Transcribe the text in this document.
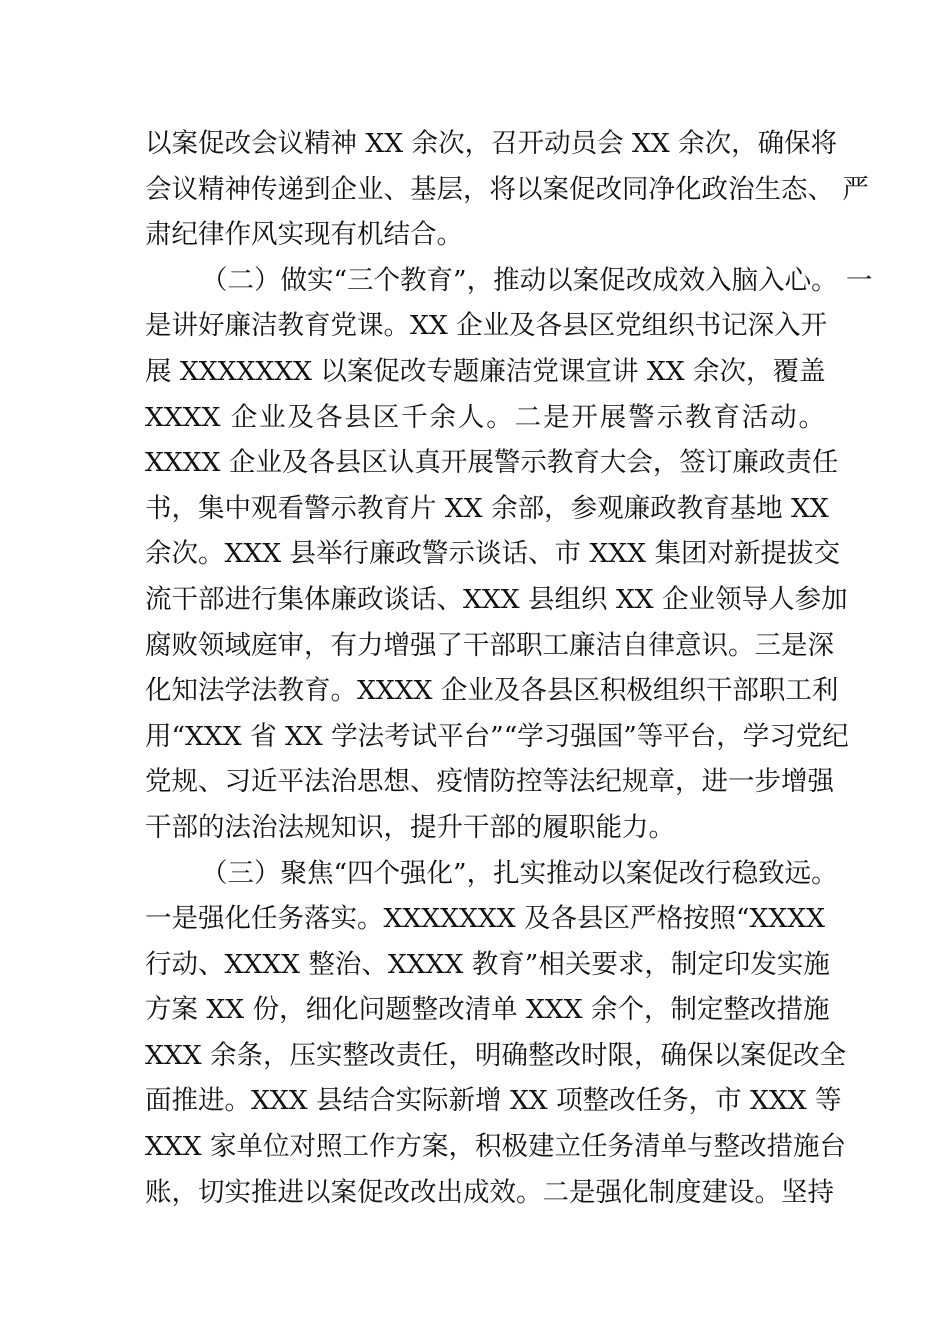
以案促改会议精神 XX 余次，召开动员会 XX 余次，确保将
会议精神传递到企业、基层，将以案促改同净化政治生态、 严
肃纪律作风实现有机结合。
（二）做实“三个教育”，推动以案促改成效入脑入心。 一
是讲好廉洁教育党课。XX 企业及各县区党组织书记深入开
展 XXXXXXX 以案促改专题廉洁党课宣讲 XX 余次，覆盖
XXXX 企业及各县区千余人。二是开展警示教育活动。
XXXX 企业及各县区认真开展警示教育大会，签订廉政责任
书，集中观看警示教育片 XX 余部，参观廉政教育基地 XX
余次。XXX 县举行廉政警示谈话、市 XXX 集团对新提拔交
流干部进行集体廉政谈话、XXX 县组织 XX 企业领导人参加
腐败领域庭审，有力增强了干部职工廉洁自律意识。三是深
化知法学法教育。XXXX 企业及各县区积极组织干部职工利
用“XXX 省 XX 学法考试平台”“学习强国”等平台，学习党纪
党规、习近平法治思想、疫情防控等法纪规章，进一步增强
干部的法治法规知识，提升干部的履职能力。
（三）聚焦“四个强化”，扎实推动以案促改行稳致远。
一是强化任务落实。XXXXXXX 及各县区严格按照“XXXX
行动、XXXX 整治、XXXX 教育”相关要求，制定印发实施
方案 XX 份，细化问题整改清单 XXX 余个，制定整改措施
XXX 余条，压实整改责任，明确整改时限，确保以案促改全
面推进。XXX 县结合实际新增 XX 项整改任务，市 XXX 等
XXX 家单位对照工作方案，积极建立任务清单与整改措施台
账，切实推进以案促改改出成效。二是强化制度建设。坚持
